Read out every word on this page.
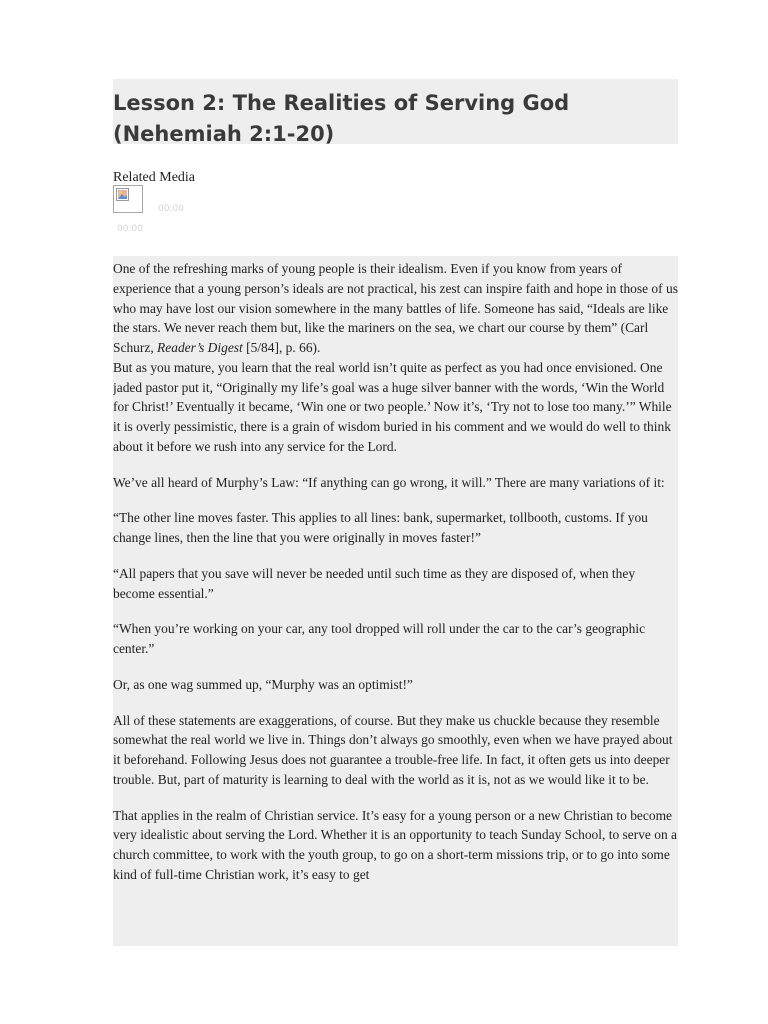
Lesson 2: The Realities of Serving God
(Nehemiah 2:1-20)
Related Media
00:00
00:00

One of the refreshing marks of young people is their idealism. Even if you know from years of experience that a young person’s ideals are not practical, his zest can inspire faith and hope in those of us who may have lost our vision somewhere in the many battles of life. Someone has said, “Ideals are like the stars. We never reach them but, like the mariners on the sea, we chart our course by them” (Carl Schurz, Reader’s Digest [5/84], p. 66).

But as you mature, you learn that the real world isn’t quite as perfect as you had once envisioned. One jaded pastor put it, “Originally my life’s goal was a huge silver banner with the words, ‘Win the World for Christ!’ Eventually it became, ‘Win one or two people.’ Now it’s, ‘Try not to lose too many.’” While it is overly pessimistic, there is a grain of wisdom buried in his comment and we would do well to think about it before we rush into any service for the Lord.

We’ve all heard of Murphy’s Law: “If anything can go wrong, it will.” There are many variations of it:

“The other line moves faster. This applies to all lines: bank, supermarket, tollbooth, customs. If you change lines, then the line that you were originally in moves faster!”

“All papers that you save will never be needed until such time as they are disposed of, when they become essential.”

“When you’re working on your car, any tool dropped will roll under the car to the car’s geographic center.”

Or, as one wag summed up, “Murphy was an optimist!”

All of these statements are exaggerations, of course. But they make us chuckle because they resemble somewhat the real world we live in. Things don’t always go smoothly, even when we have prayed about it beforehand. Following Jesus does not guarantee a trouble-free life. In fact, it often gets us into deeper trouble. But, part of maturity is learning to deal with the world as it is, not as we would like it to be.

That applies in the realm of Christian service. It’s easy for a young person or a new Christian to become very idealistic about serving the Lord. Whether it is an opportunity to teach Sunday School, to serve on a church committee, to work with the youth group, to go on a short-term missions trip, or to go into some kind of full-time Christian work, it’s easy to get
